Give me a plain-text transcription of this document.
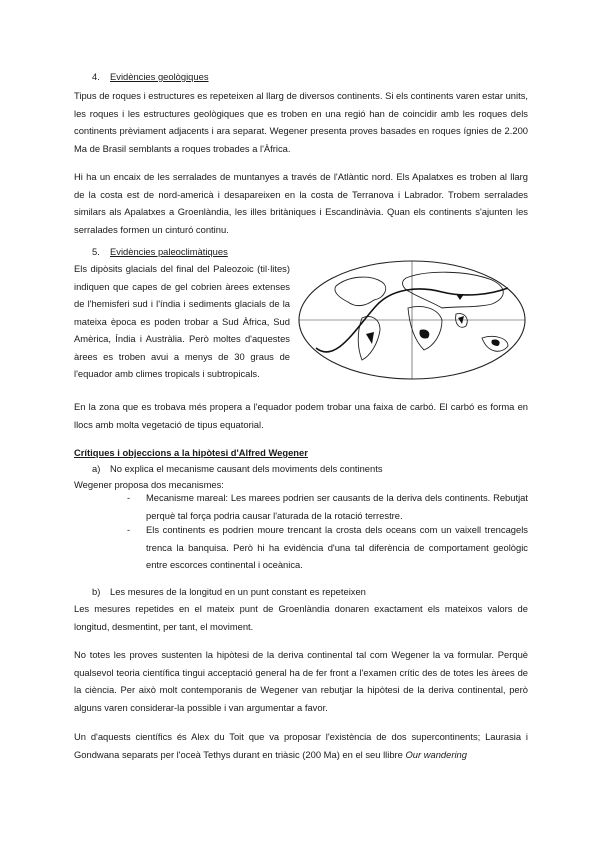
4. Evidències geològiques

Tipus de roques i estructures es repeteixen al llarg de diversos continents. Si els continents varen estar units, les roques i les estructures geològiques que es troben en una regió han de coincidir amb les roques dels continents prèviament adjacents i ara separat. Wegener presenta proves basades en roques ígnies de 2.200 Ma de Brasil semblants a roques trobades a l'Àfrica.

Hi ha un encaix de les serralades de muntanyes a través de l'Atlàntic nord. Els Apalatxes es troben al llarg de la costa est de nord-americà i desapareixen en la costa de Terranova i Labrador. Trobem serralades similars als Apalatxes a Groenlàndia, les illes britàniques i Escandinàvia. Quan els continents s'ajunten les serralades formen un cinturó continu.

5. Evidències paleoclimàtiques

Els dipòsits glacials del final del Paleozoic (til·lites) indiquen que capes de gel cobrien àrees extenses de l'hemisferi sud i l'índia i sediments glacials de la mateixa època es poden trobar a Sud Àfrica, Sud Amèrica, Índia i Austràlia. Però moltes d'aquestes àrees es troben avui a menys de 30 graus de l'equador amb climes tropicals i subtropicals.

En la zona que es trobava més propera a l'equador podem trobar una faixa de carbó. El carbó es forma en llocs amb molta vegetació de tipus equatorial.

Crítiques i objeccions a la hipòtesi d'Alfred Wegener
a) No explica el mecanisme causant dels moviments dels continents
Wegener proposa dos mecanismes:
- Mecanisme mareal: Les marees podrien ser causants de la deriva dels continents. Rebutjat perquè tal força podria causar l'aturada de la rotació terrestre.

- Els continents es podrien moure trencant la crosta dels oceans com un vaixell trencagels trenca la banquisa. Però hi ha evidència d'una tal diferència de comportament geològic entre escorces continental i oceànica.

b) Les mesures de la longitud en un punt constant es repeteixen

Les mesures repetides en el mateix punt de Groenlàndia donaren exactament els mateixos valors de longitud, desmentint, per tant, el moviment.

No totes les proves sustenten la hipòtesi de la deriva continental tal com Wegener la va formular. Perquè qualsevol teoria científica tingui acceptació general ha de fer front a l'examen crític des de totes les àrees de la ciència. Per això molt contemporanis de Wegener van rebutjar la hipòtesi de la deriva continental, però alguns varen considerar-la possible i van argumentar a favor.

Un d'aquests científics és Alex du Toit que va proposar l'existència de dos supercontinents; Laurasia i Gondwana separats per l'oceà Tethys durant en triàsic (200 Ma) en el seu llibre Our wandering
